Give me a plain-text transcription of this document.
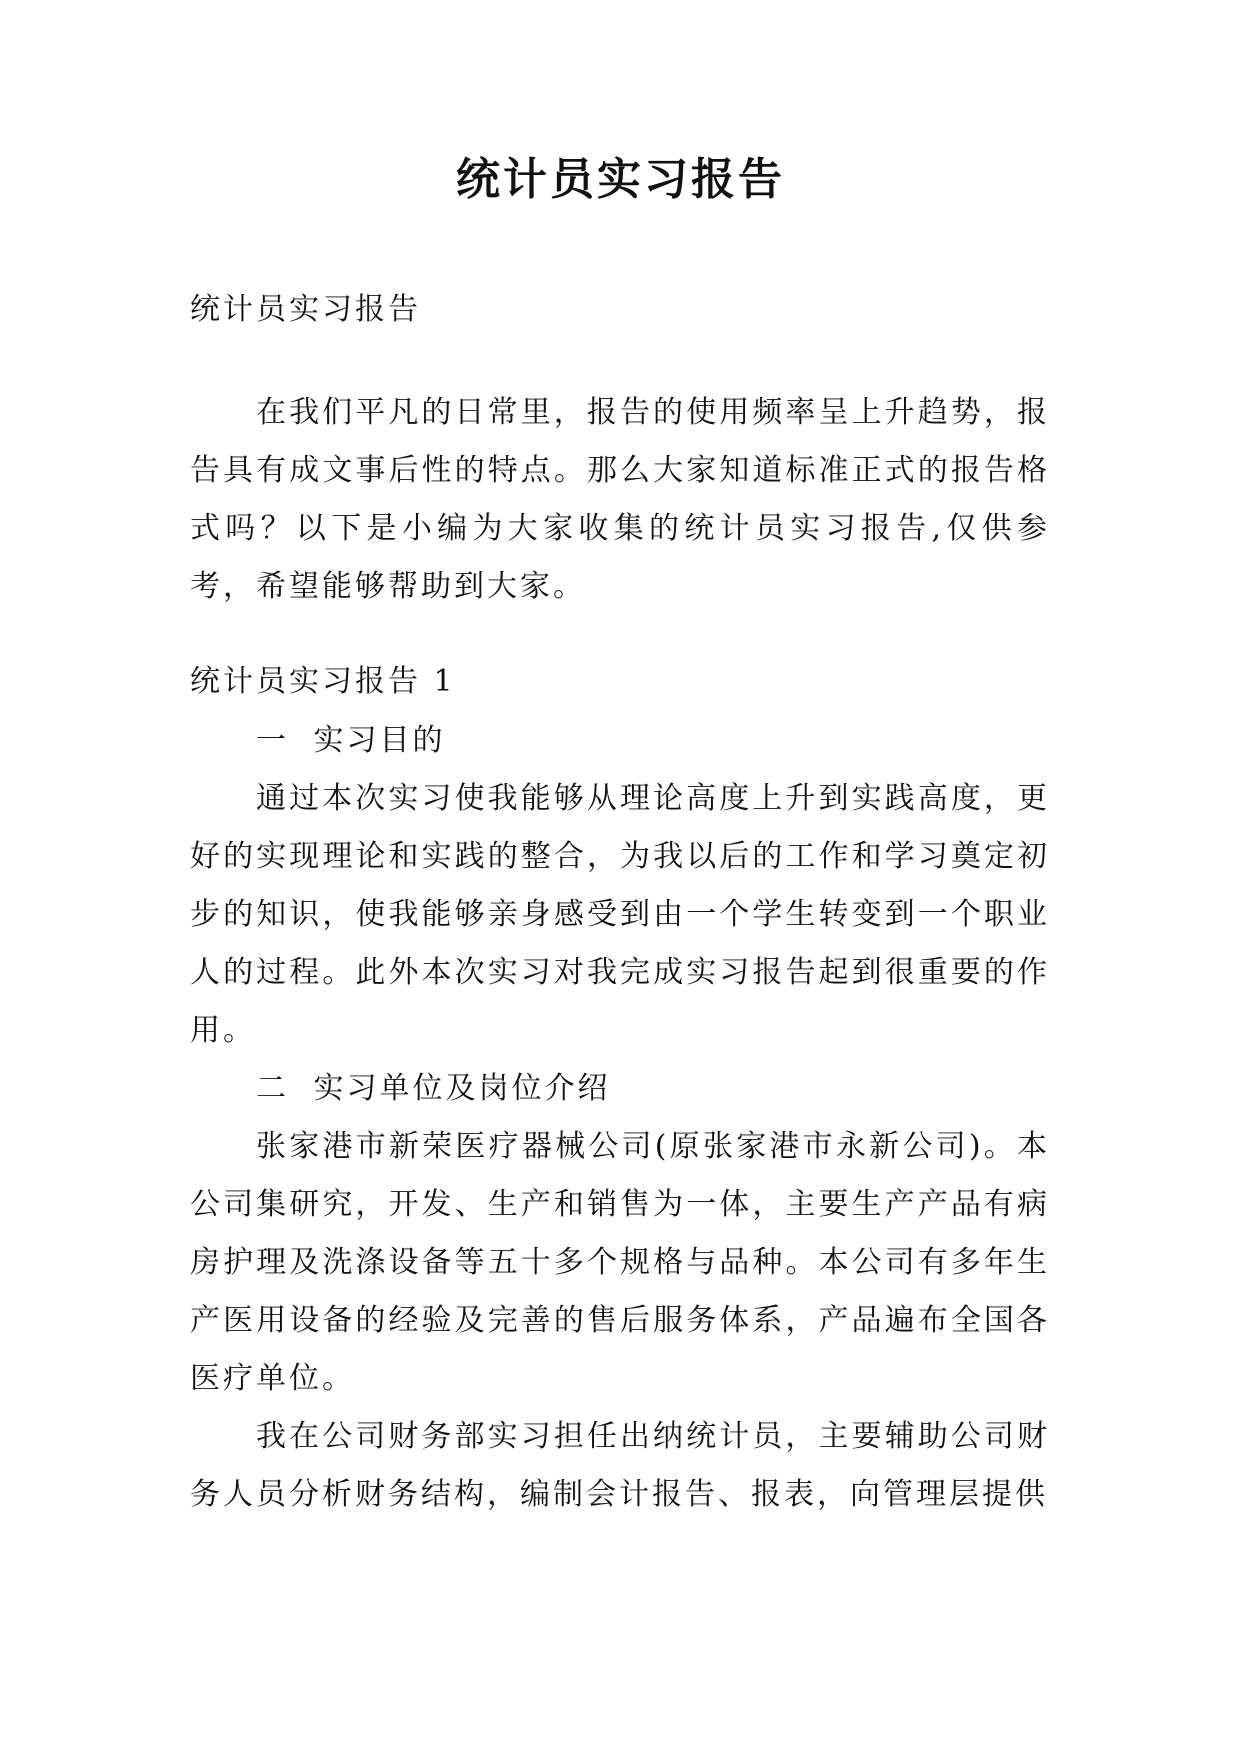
统计员实习报告

统计员实习报告

在我们平凡的日常里，报告的使用频率呈上升趋势，报告具有成文事后性的特点。那么大家知道标准正式的报告格式吗？以下是小编为大家收集的统计员实习报告,仅供参考，希望能够帮助到大家。

统计员实习报告 1

一 实习目的

通过本次实习使我能够从理论高度上升到实践高度，更好的实现理论和实践的整合，为我以后的工作和学习奠定初步的知识，使我能够亲身感受到由一个学生转变到一个职业人的过程。此外本次实习对我完成实习报告起到很重要的作用。

二 实习单位及岗位介绍

张家港市新荣医疗器械公司(原张家港市永新公司)。本公司集研究，开发、生产和销售为一体，主要生产产品有病房护理及洗涤设备等五十多个规格与品种。本公司有多年生产医用设备的经验及完善的售后服务体系，产品遍布全国各医疗单位。

我在公司财务部实习担任出纳统计员，主要辅助公司财务人员分析财务结构，编制会计报告、报表，向管理层提供
